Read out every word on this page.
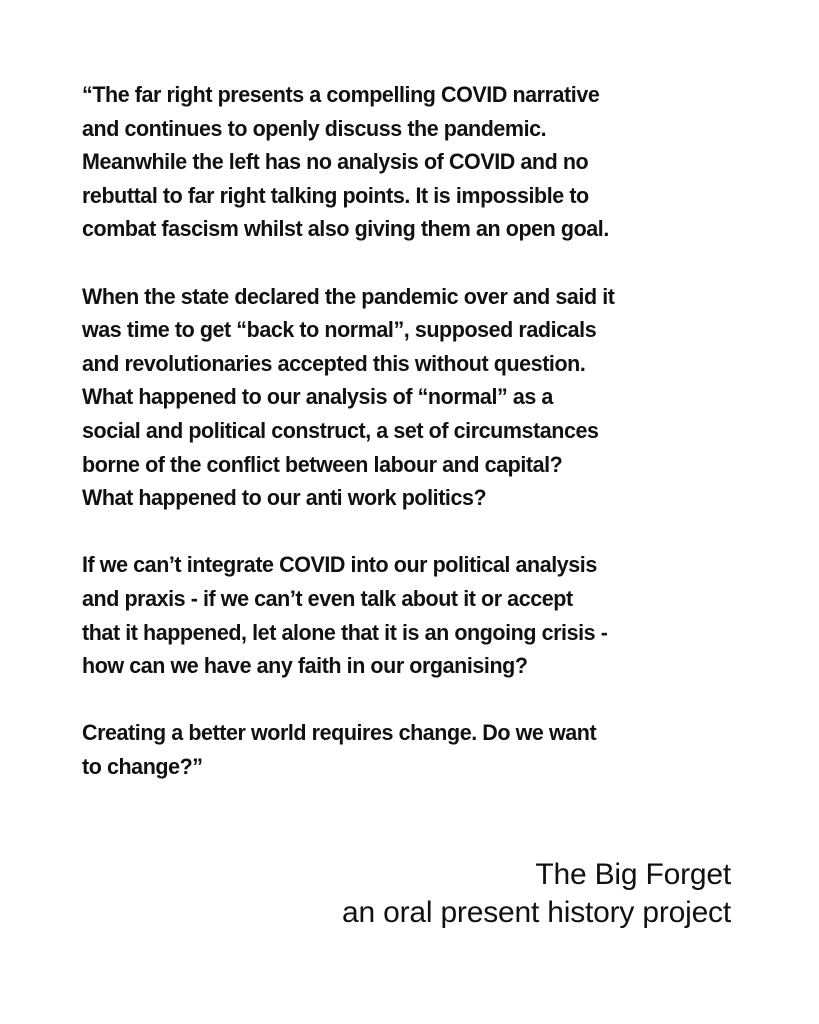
“The far right presents a compelling COVID narrative
and continues to openly discuss the pandemic.
Meanwhile the left has no analysis of COVID and no
rebuttal to far right talking points. It is impossible to
combat fascism whilst also giving them an open goal.

When the state declared the pandemic over and said it
was time to get “back to normal”, supposed radicals
and revolutionaries accepted this without question.
What happened to our analysis of “normal” as a
social and political construct, a set of circumstances
borne of the conflict between labour and capital?
What happened to our anti work politics?

If we can’t integrate COVID into our political analysis
and praxis - if we can’t even talk about it or accept
that it happened, let alone that it is an ongoing crisis -
how can we have any faith in our organising?

Creating a better world requires change. Do we want
to change?”

The Big Forget
an oral present history project
